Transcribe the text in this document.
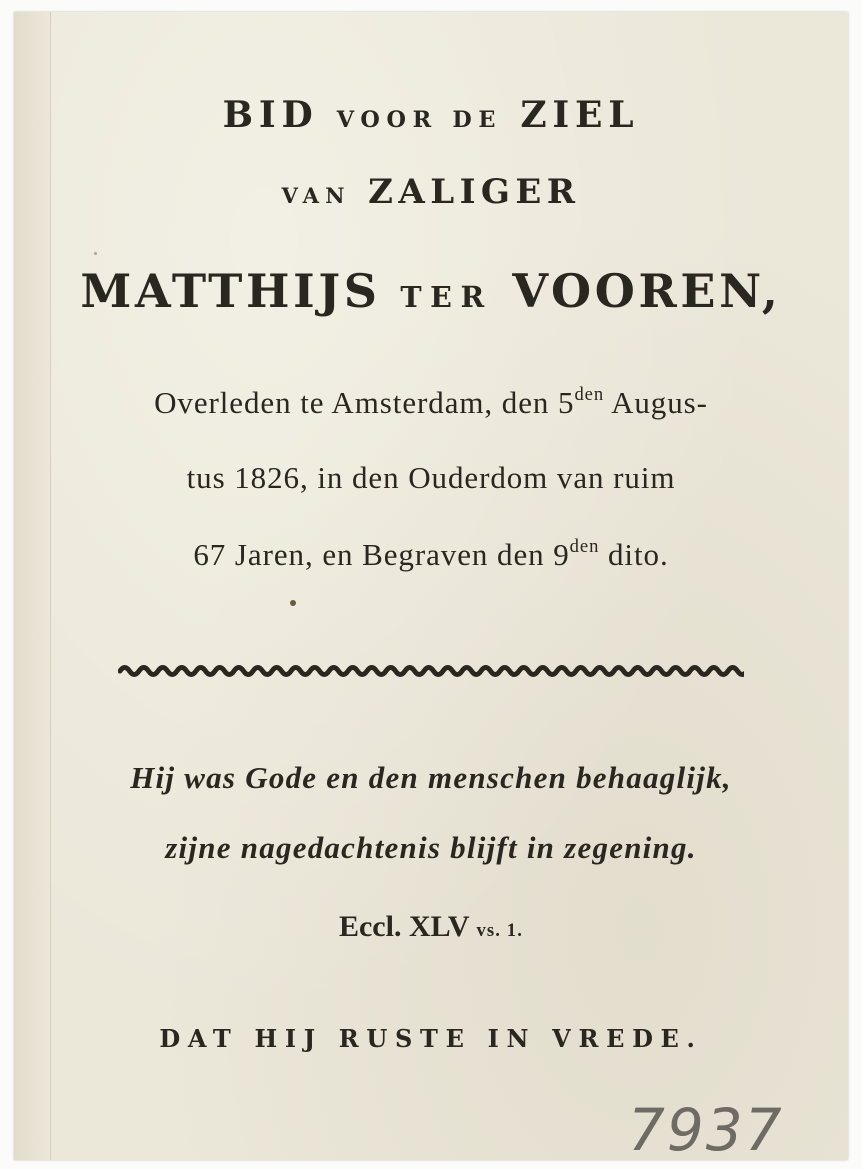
BID VOOR DE ZIEL
VAN ZALIGER
MATTHIJS TER VOOREN,
Overleden te Amsterdam, den $5^{den}$ Augus-
tus 1826, in den Ouderdom van ruim
67 Jaren, en Begraven den $9^{den}$ dito.
Hij was Gode en den menschen behaaglijk,
zijne nagedachtenis blijft in zegening.
Eccl. XLV vs. 1.
DAT HIJ RUSTE IN VREDE.
7937
